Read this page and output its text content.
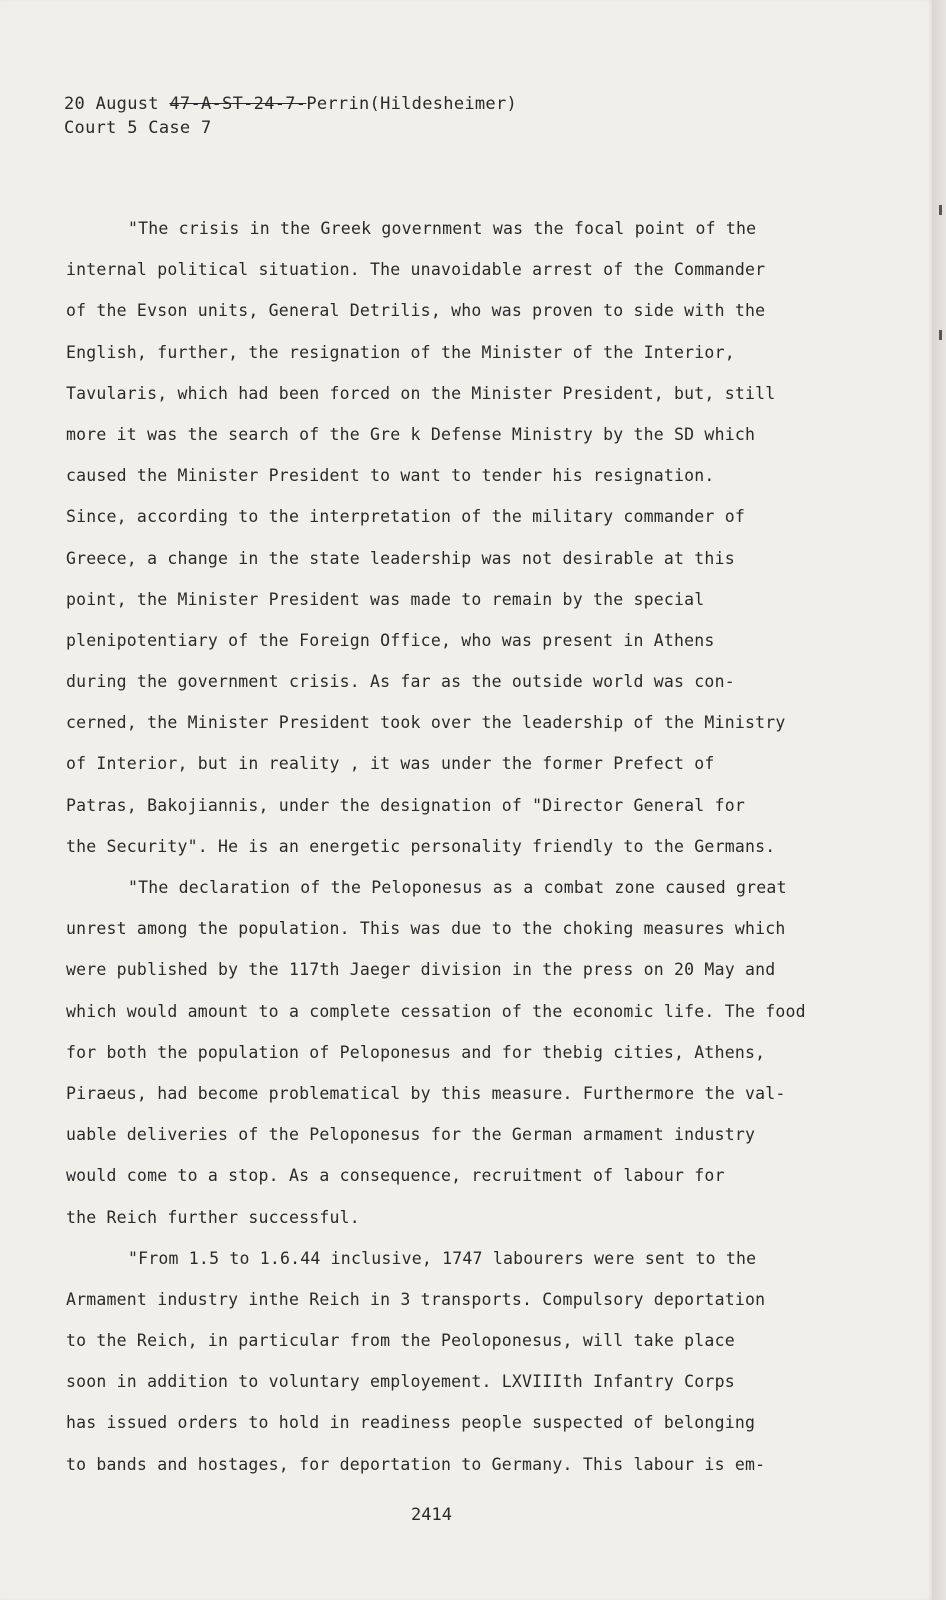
20 August 47-A-ST-24-7-Perrin(Hildesheimer)
Court 5 Case 7
"The crisis in the Greek government was the focal point of the
internal political situation. The unavoidable arrest of the Commander
of the Evson units, General Detrilis, who was proven to side with the
English, further, the resignation of the Minister of the Interior,
Tavularis, which had been forced on the Minister President, but, still
more it was the search of the Gre k Defense Ministry by the SD which
caused the Minister President to want to tender his resignation.
Since, according to the interpretation of the military commander of
Greece, a change in the state leadership was not desirable at this
point, the Minister President was made to remain by the special
plenipotentiary of the Foreign Office, who was present in Athens
during the government crisis. As far as the outside world was con-
cerned, the Minister President took over the leadership of the Ministry
of Interior, but in reality , it was under the former Prefect of
Patras, Bakojiannis, under the designation of "Director General for
the Security". He is an energetic personality friendly to the Germans.
"The declaration of the Peloponesus as a combat zone caused great
unrest among the population. This was due to the choking measures which
were published by the 117th Jaeger division in the press on 20 May and
which would amount to a complete cessation of the economic life. The food
for both the population of Peloponesus and for thebig cities, Athens,
Piraeus, had become problematical by this measure. Furthermore the val-
uable deliveries of the Peloponesus for the German armament industry
would come to a stop. As a consequence, recruitment of labour for
the Reich further successful.
"From 1.5 to 1.6.44 inclusive, 1747 labourers were sent to the
Armament industry inthe Reich in 3 transports. Compulsory deportation
to the Reich, in particular from the Peoloponesus, will take place
soon in addition to voluntary employement. LXVIIIth Infantry Corps
has issued orders to hold in readiness people suspected of belonging
to bands and hostages, for deportation to Germany. This labour is em-
2414
